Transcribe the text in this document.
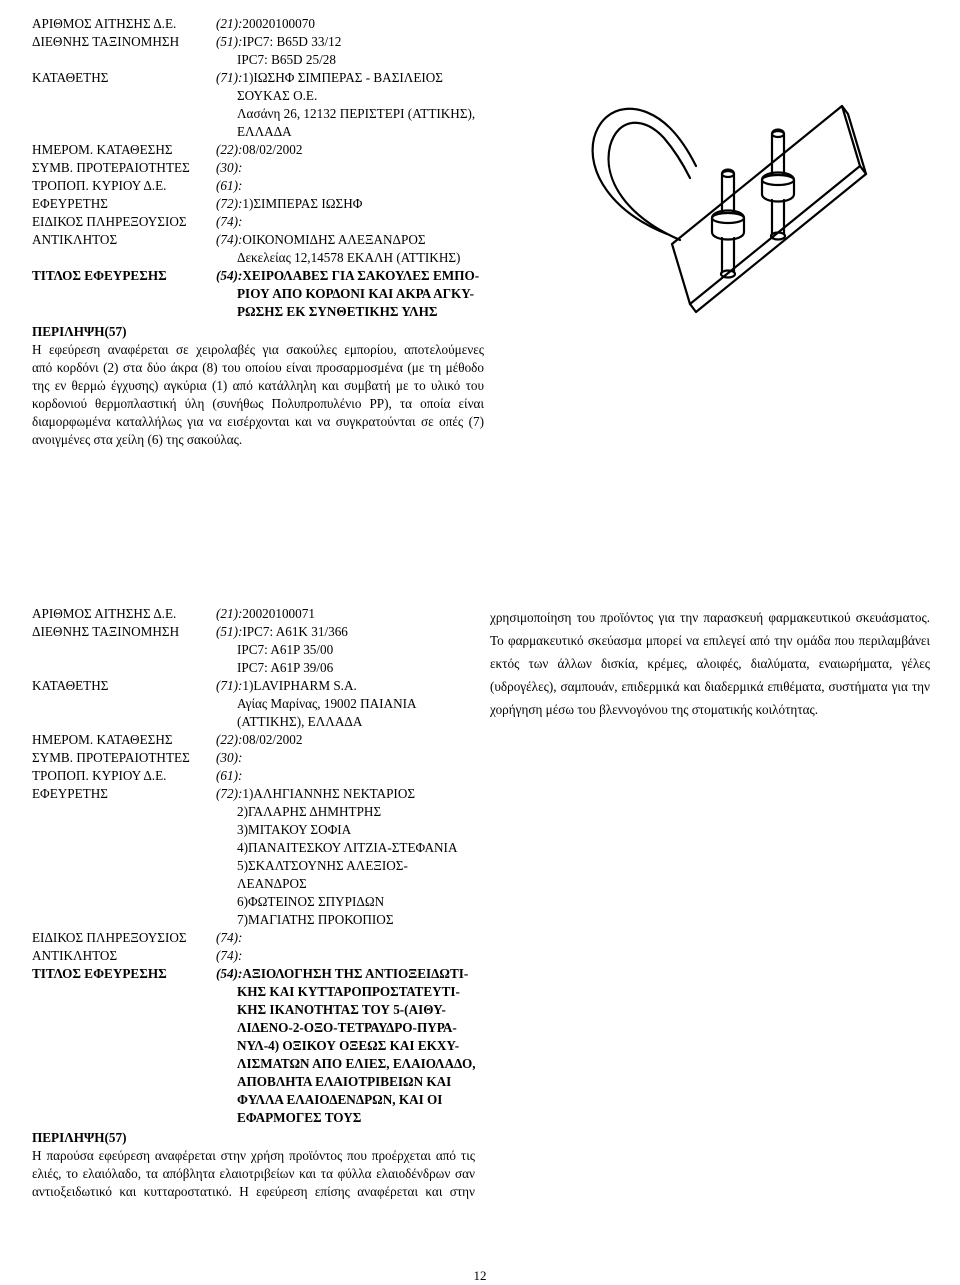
ΑΡΙΘΜΟΣ ΑΙΤΗΣΗΣ Δ.Ε.	(21): 20020100070
ΔΙΕΘΝΗΣ ΤΑΞΙΝΟΜΗΣΗ	(51): IPC7: B65D 33/12
IPC7: B65D 25/28
ΚΑΤΑΘΕΤΗΣ	(71): 1)ΙΩΣΗΦ ΣΙΜΠΕΡΑΣ - ΒΑΣΙΛΕΙΟΣ
ΣΟΥΚΑΣ Ο.Ε.
Λασάνη 26, 12132 ΠΕΡΙΣΤΕΡΙ (ΑΤΤΙΚΗΣ),
ΕΛΛΑΔΑ
ΗΜΕΡΟΜ. ΚΑΤΑΘΕΣΗΣ	(22): 08/02/2002
ΣΥΜΒ. ΠΡΟΤΕΡΑΙΟΤΗΤΕΣ	(30):
ΤΡΟΠΟΠ. ΚΥΡΙΟΥ Δ.Ε.	(61):
ΕΦΕΥΡΕΤΗΣ	(72): 1)ΣΙΜΠΕΡΑΣ ΙΩΣΗΦ
ΕΙΔΙΚΟΣ ΠΛΗΡΕΞΟΥΣΙΟΣ	(74):
ΑΝΤΙΚΛΗΤΟΣ	(74): ΟΙΚΟΝΟΜΙΔΗΣ ΑΛΕΞΑΝΔΡΟΣ
Δεκελείας 12,14578 ΕΚΑΛΗ (ΑΤΤΙΚΗΣ)
ΤΙΤΛΟΣ ΕΦΕΥΡΕΣΗΣ	(54): ΧΕΙΡΟΛΑΒΕΣ ΓΙΑ ΣΑΚΟΥΛΕΣ ΕΜΠΟ-
ΡΙΟΥ ΑΠΟ ΚΟΡΔΟΝΙ ΚΑΙ ΑΚΡΑ ΑΓΚΥ-
ΡΩΣΗΣ ΕΚ ΣΥΝΘΕΤΙΚΗΣ ΥΛΗΣ
ΠΕΡΙΛΗΨΗ(57)
Η εφεύρεση αναφέρεται σε χειρολαβές για σακούλες εμπορίου, αποτελούμενες
από κορδόνι (2) στα δύο άκρα (8) του οποίου είναι προσαρμοσμένα (με τη μέθοδο
της εν θερμώ έγχυσης) αγκύρια (1) από κατάλληλη και συμβατή με το υλικό του
κορδονιού θερμοπλαστική ύλη (συνήθως Πολυπροπυλένιο PP), τα οποία είναι
διαμορφωμένα καταλλήλως για να εισέρχονται και να συγκρατούνται σε οπές (7)
ανοιγμένες στα χείλη (6) της σακούλας.
ΑΡΙΘΜΟΣ ΑΙΤΗΣΗΣ Δ.Ε.	(21): 20020100071
ΔΙΕΘΝΗΣ ΤΑΞΙΝΟΜΗΣΗ	(51): IPC7: A61K 31/366
IPC7: A61P 35/00
IPC7: A61P 39/06
ΚΑΤΑΘΕΤΗΣ	(71): 1)LAVIPHARM S.A.
Αγίας Μαρίνας, 19002 ΠΑΙΑΝΙΑ
(ΑΤΤΙΚΗΣ), ΕΛΛΑΔΑ
ΗΜΕΡΟΜ. ΚΑΤΑΘΕΣΗΣ	(22): 08/02/2002
ΣΥΜΒ. ΠΡΟΤΕΡΑΙΟΤΗΤΕΣ	(30):
ΤΡΟΠΟΠ. ΚΥΡΙΟΥ Δ.Ε.	(61):
ΕΦΕΥΡΕΤΗΣ	(72): 1)ΑΛΗΓΙΑΝΝΗΣ ΝΕΚΤΑΡΙΟΣ
2)ΓΑΛΑΡΗΣ ΔΗΜΗΤΡΗΣ
3)ΜΙΤΑΚΟΥ ΣΟΦΙΑ
4)ΠΑΝΑΙΤΕΣΚΟΥ ΛΙΤΖΙΑ-ΣΤΕΦΑΝΙΑ
5)ΣΚΑΛΤΣΟΥΝΗΣ ΑΛΕΞΙΟΣ-
ΛΕΑΝΔΡΟΣ
6)ΦΩΤΕΙΝΟΣ ΣΠΥΡΙΔΩΝ
7)ΜΑΓΙΑΤΗΣ ΠΡΟΚΟΠΙΟΣ
ΕΙΔΙΚΟΣ ΠΛΗΡΕΞΟΥΣΙΟΣ	(74):
ΑΝΤΙΚΛΗΤΟΣ	(74):
ΤΙΤΛΟΣ ΕΦΕΥΡΕΣΗΣ	(54): ΑΞΙΟΛΟΓΗΣΗ ΤΗΣ ΑΝΤΙΟΞΕΙΔΩΤΙ-
ΚΗΣ ΚΑΙ ΚΥΤΤΑΡΟΠΡΟΣΤΑΤΕΥΤΙ-
ΚΗΣ ΙΚΑΝΟΤΗΤΑΣ ΤΟΥ 5-(ΑΙΘΥ-
ΛΙΔΕΝΟ-2-ΟΞΟ-ΤΕΤΡΑΥΔΡΟ-ΠΥΡΑ-
ΝΥΛ-4) ΟΞΙΚΟΥ ΟΞΕΩΣ ΚΑΙ ΕΚΧΥ-
ΛΙΣΜΑΤΩΝ ΑΠΟ ΕΛΙΕΣ, ΕΛΑΙΟΛΑΔΟ,
ΑΠΟΒΛΗΤΑ ΕΛΑΙΟΤΡΙΒΕΙΩΝ ΚΑΙ
ΦΥΛΛΑ ΕΛΑΙΟΔΕΝΔΡΩΝ, ΚΑΙ ΟΙ
ΕΦΑΡΜΟΓΕΣ ΤΟΥΣ
ΠΕΡΙΛΗΨΗ(57)
Η παρούσα εφεύρεση αναφέρεται στην χρήση προϊόντος που προέρχεται από τις
ελιές, το ελαιόλαδο, τα απόβλητα ελαιοτριβείων και τα φύλλα ελαιοδένδρων σαν
αντιοξειδωτικό και κυτταροστατικό. Η εφεύρεση επίσης αναφέρεται και στην
χρησιμοποίηση του προϊόντος για την παρασκευή φαρμακευτικού σκευάσματος.
Το φαρμακευτικό σκεύασμα μπορεί να επιλεγεί από την ομάδα που περιλαμβάνει
εκτός των άλλων δισκία, κρέμες, αλοιφές, διαλύματα, εναιωρήματα, γέλες
(υδρογέλες), σαμπουάν, επιδερμικά και διαδερμικά επιθέματα, συστήματα για την
χορήγηση μέσω του βλεννογόνου της στοματικής κοιλότητας.
12
